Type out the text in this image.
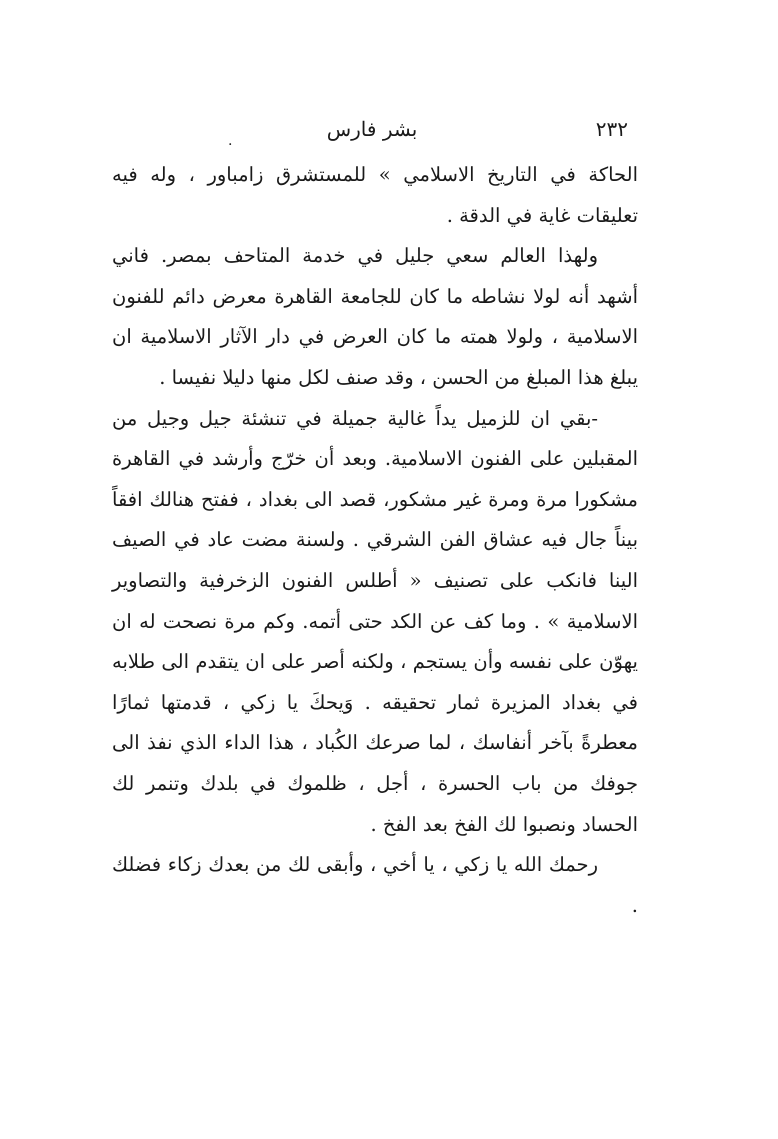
٢٣٢
بشر فارس
.

الحاكة في التاريخ الاسلامي » للمستشرق زامباور ، وله فيه تعليقات غاية في الدقة .

ولهذا العالم سعي جليل في خدمة المتاحف بمصر. فاني أشهد أنه لولا نشاطه ما كان للجامعة القاهرة معرض دائم للفنون الاسلامية ، ولولا همته ما كان العرض في دار الآثار الاسلامية ان يبلغ هذا المبلغ من الحسن ، وقد صنف لكل منها دليلا نفيسا .

-بقي ان للزميل يداً غالية جميلة في تنشئة جيل وجيل من المقبلين على الفنون الاسلامية. وبعد أن خرّج وأرشد في القاهرة مشكورا مرة ومرة غير مشكور، قصد الى بغداد ، ففتح هنالك افقاً بيناً جال فيه عشاق الفن الشرقي . ولسنة مضت عاد في الصيف الينا فانكب على تصنيف « أطلس الفنون الزخرفية والتصاوير الاسلامية » . وما كف عن الكد حتى أتمه. وكم مرة نصحت له ان يهوّن على نفسه وأن يستجم ، ولكنه أصر على ان يتقدم الى طلابه في بغداد المزيرة ثمار تحقيقه . وَيحكَ يا زكي ، قدمتها ثمارًا معطرةً بآخر أنفاسك ، لما صرعك الكُباد ، هذا الداء الذي نفذ الى جوفك من باب الحسرة ، أجل ، ظلموك في بلدك وتنمر لك الحساد ونصبوا لك الفخ بعد الفخ .

رحمك الله يا زكي ، يا أخي ، وأبقى لك من بعدك زكاء فضلك .
